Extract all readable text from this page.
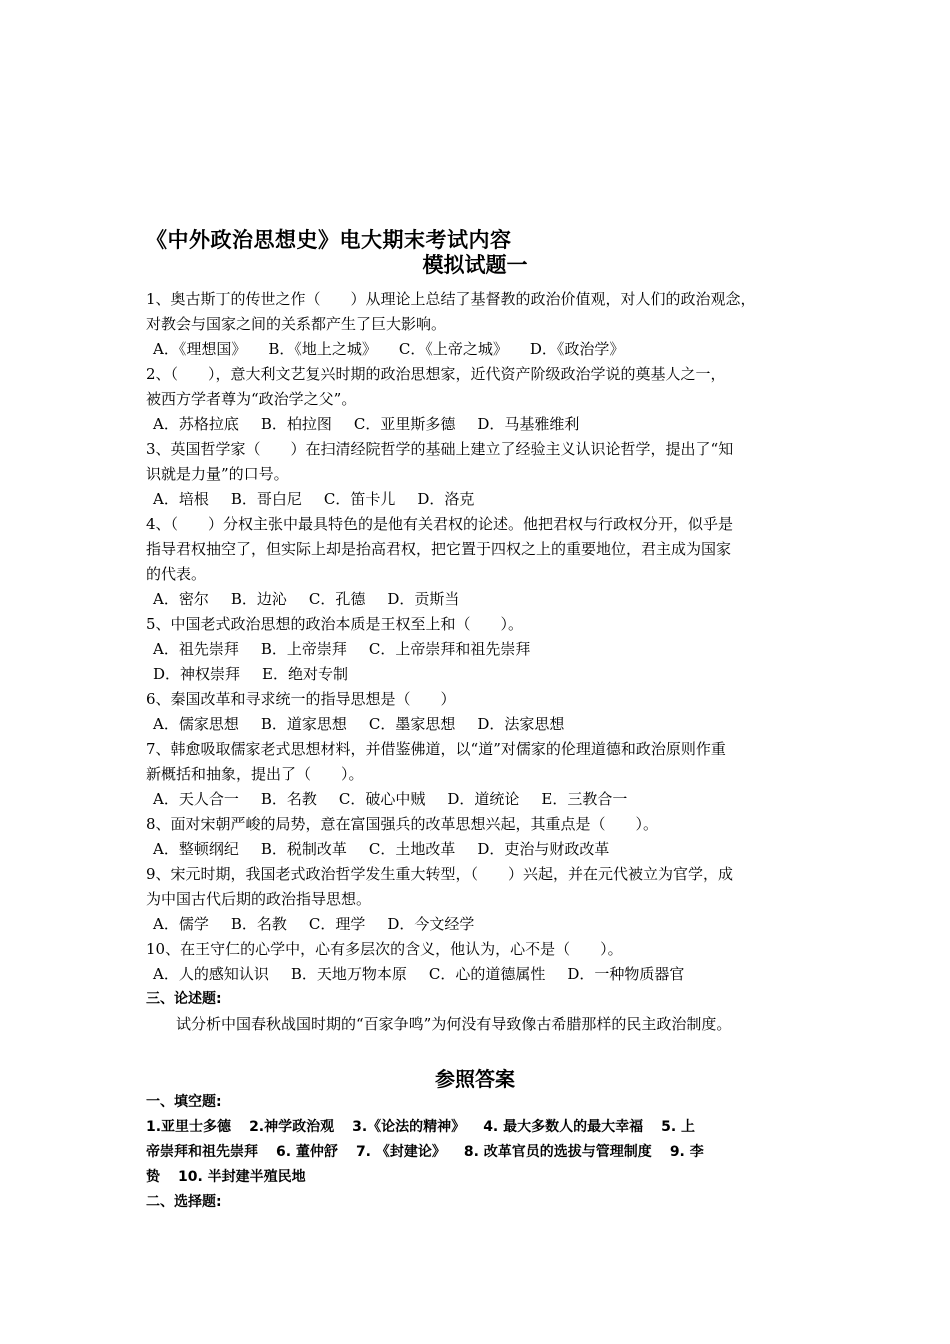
《中外政治思想史》电大期末考试内容
模拟试题一
1、奥古斯丁的传世之作（　　）从理论上总结了基督教的政治价值观，对人们的政治观念，
对教会与国家之间的关系都产生了巨大影响。
A．《理想国》 B．《地上之城》 C．《上帝之城》 D．《政治学》
2、（　　），意大利文艺复兴时期的政治思想家，近代资产阶级政治学说的奠基人之一，
被西方学者尊为“政治学之父”。
A．苏格拉底 B．柏拉图 C．亚里斯多德 D．马基雅维利
3、英国哲学家（　　）在扫清经院哲学的基础上建立了经验主义认识论哲学，提出了“知
识就是力量”的口号。
A．培根 B．哥白尼 C．笛卡儿 D．洛克
4、（　　）分权主张中最具特色的是他有关君权的论述。他把君权与行政权分开，似乎是
指导君权抽空了，但实际上却是抬高君权，把它置于四权之上的重要地位，君主成为国家
的代表。
A．密尔 B．边沁 C．孔德 D．贡斯当
5、中国老式政治思想的政治本质是王权至上和（　　）。
A．祖先崇拜 B．上帝崇拜 C．上帝崇拜和祖先崇拜
D．神权崇拜 E．绝对专制
6、秦国改革和寻求统一的指导思想是（　　）
A．儒家思想 B．道家思想 C．墨家思想 D．法家思想
7、韩愈吸取儒家老式思想材料，并借鉴佛道，以“道”对儒家的伦理道德和政治原则作重
新概括和抽象，提出了（　　）。
A．天人合一 B．名教 C．破心中贼 D．道统论 E．三教合一
8、面对宋朝严峻的局势，意在富国强兵的改革思想兴起，其重点是（　　）。
A．整顿纲纪 B．税制改革 C．土地改革 D．吏治与财政改革
9、宋元时期，我国老式政治哲学发生重大转型，（　　）兴起，并在元代被立为官学，成
为中国古代后期的政治指导思想。
A．儒学 B．名教 C．理学 D．今文经学
10、在王守仁的心学中，心有多层次的含义，他认为，心不是（　　）。
A．人的感知认识 B．天地万物本原 C．心的道德属性 D．一种物质器官
三、论述题:
试分析中国春秋战国时期的“百家争鸣”为何没有导致像古希腊那样的民主政治制度。
参照答案
一、填空题:
1.亚里士多德 2.神学政治观 3.《论法的精神》 4. 最大多数人的最大幸福 5. 上
帝崇拜和祖先崇拜 6. 董仲舒 7. 《封建论》 8. 改革官员的选拔与管理制度 9. 李
贽 10. 半封建半殖民地
二、选择题:
